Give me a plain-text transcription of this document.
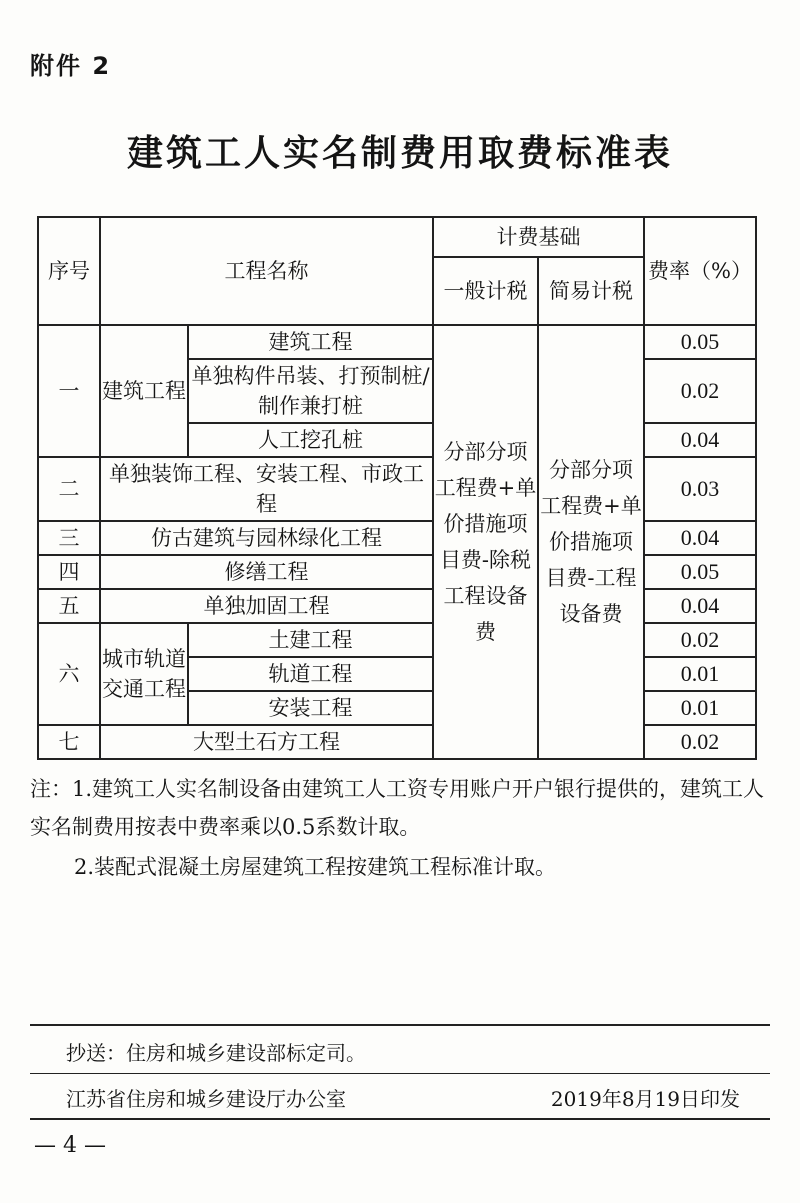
附件 2
建筑工人实名制费用取费标准表
序号	工程名称		计费基础		费率（%）
			一般计税	简易计税	
一	建筑工程	建筑工程	分部分项工程费+单价措施项目费-除税工程设备费	分部分项工程费+单价措施项目费-工程设备费	0.05
		单独构件吊装、打预制桩/制作兼打桩			0.02
		人工挖孔桩			0.04
二	单独装饰工程、安装工程、市政工程				0.03
三	仿古建筑与园林绿化工程				0.04
四	修缮工程				0.05
五	单独加固工程				0.04
六	城市轨道交通工程	土建工程			0.02
		轨道工程			0.01
		安装工程			0.01
七	大型土石方工程				0.02

注：1.建筑工人实名制设备由建筑工人工资专用账户开户银行提供的，建筑工人实名制费用按表中费率乘以0.5系数计取。

2.装配式混凝土房屋建筑工程按建筑工程标准计取。

抄送：住房和城乡建设部标定司。
江苏省住房和城乡建设厅办公室	2019年8月19日印发
— 4 —
